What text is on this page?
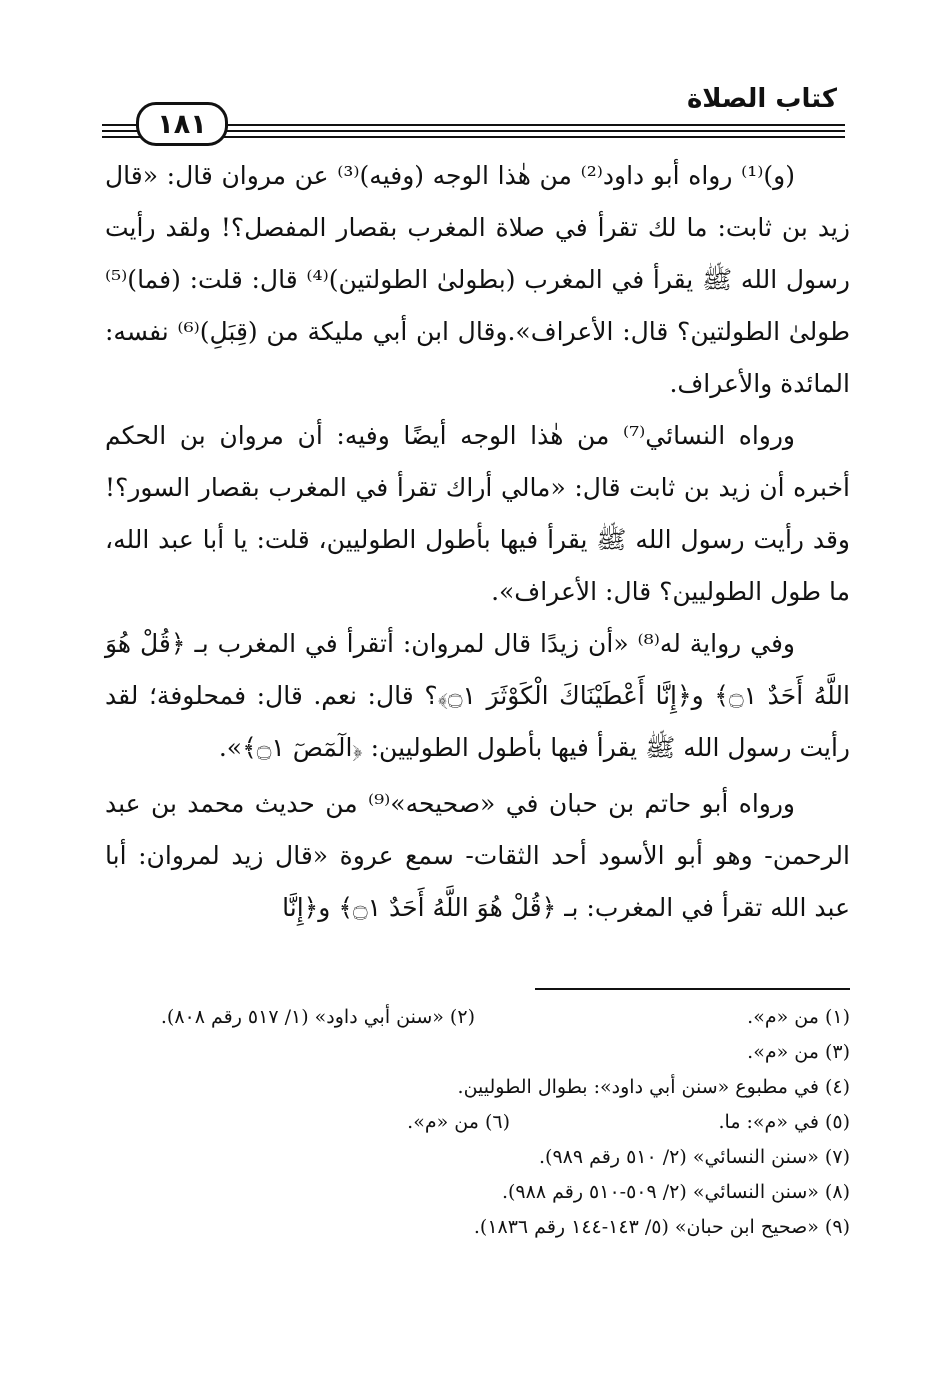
كتاب الصلاة
١٨١

(و)⁽¹⁾ رواه أبو داود⁽²⁾ من هٰذا الوجه (وفيه)⁽³⁾ عن مروان قال: «قال زيد بن ثابت: ما لك تقرأ في صلاة المغرب بقصار المفصل؟! ولقد رأيت رسول الله ﷺ يقرأ في المغرب (بطولىٰ الطولتين)⁽⁴⁾ قال: قلت: (فما)⁽⁵⁾ طولىٰ الطولتين؟ قال: الأعراف».وقال ابن أبي مليكة من (قِبَلِ)⁽⁶⁾ نفسه: المائدة والأعراف.

ورواه النسائي⁽⁷⁾ من هٰذا الوجه أيضًا وفيه: أن مروان بن الحكم أخبره أن زيد بن ثابت قال: «مالي أراك تقرأ في المغرب بقصار السور؟! وقد رأيت رسول الله ﷺ يقرأ فيها بأطول الطوليين، قلت: يا أبا عبد الله، ما طول الطوليين؟ قال: الأعراف».

وفي رواية له⁽⁸⁾ «أن زيدًا قال لمروان: أتقرأ في المغرب بـ ﴿قُلْ هُوَ اللَّهُ أَحَدٌ ۝١﴾ و﴿إِنَّا أَعْطَيْنَاكَ الْكَوْثَرَ ۝١﴾؟ قال: نعم. قال: فمحلوفة؛ لقد رأيت رسول الله ﷺ يقرأ فيها بأطول الطوليين: ﴿الٓمٓصٓ ۝١﴾».

ورواه أبو حاتم بن حبان في «صحيحه»⁽⁹⁾ من حديث محمد بن عبد الرحمن- وهو أبو الأسود أحد الثقات- سمع عروة «قال زيد لمروان: أبا عبد الله تقرأ في المغرب: بـ ﴿قُلْ هُوَ اللَّهُ أَحَدٌ ۝١﴾ و﴿إِنَّا

(١) من «م».
(٢) «سنن أبي داود» (١/ ٥١٧ رقم ٨٠٨).
(٣) من «م».
(٤) في مطبوع «سنن أبي داود»: بطوال الطوليين.
(٥) في «م»: ما.
(٦) من «م».
(٧) «سنن النسائي» (٢/ ٥١٠ رقم ٩٨٩).
(٨) «سنن النسائي» (٢/ ٥٠٩-٥١٠ رقم ٩٨٨).
(٩) «صحيح ابن حبان» (٥/ ١٤٣-١٤٤ رقم ١٨٣٦).
